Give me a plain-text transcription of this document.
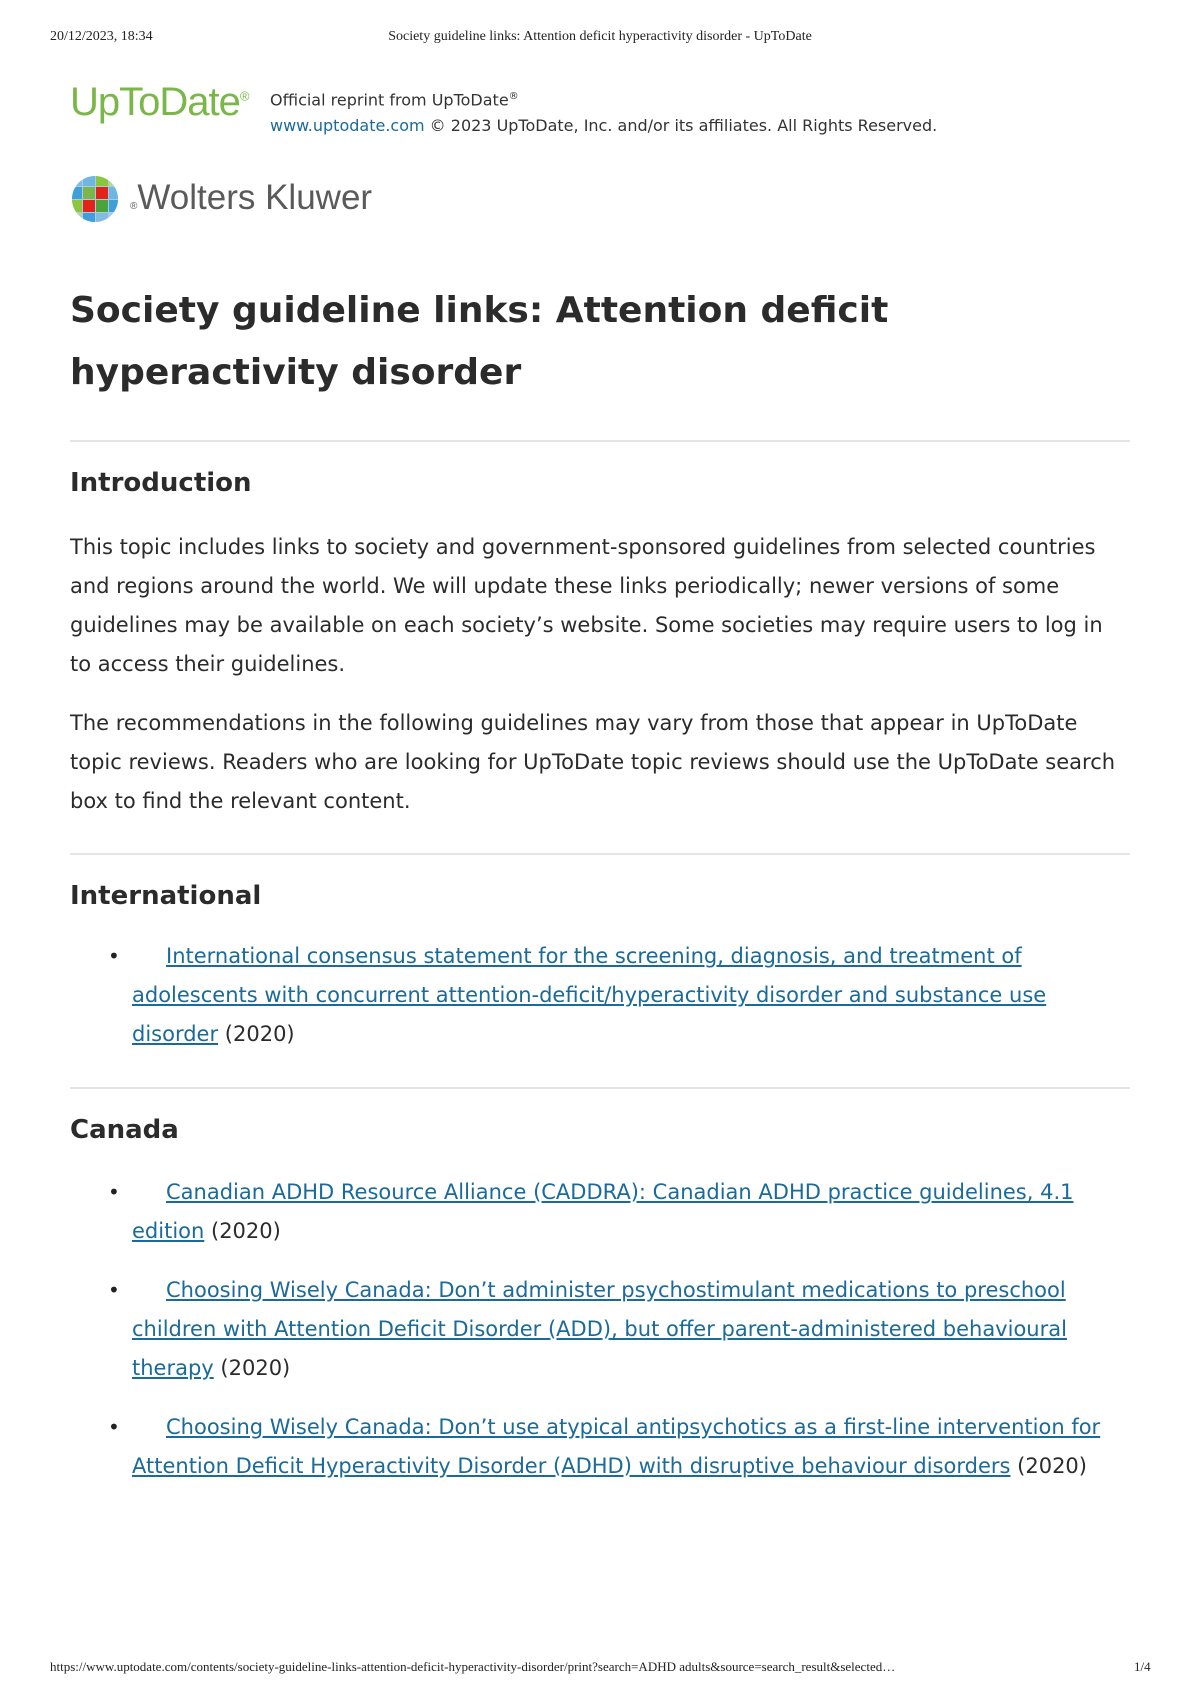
20/12/2023, 18:34	Society guideline links: Attention deficit hyperactivity disorder - UpToDate
UpToDate® Official reprint from UpToDate®
www.uptodate.com © 2023 UpToDate, Inc. and/or its affiliates. All Rights Reserved.
®Wolters Kluwer
Society guideline links: Attention deficit hyperactivity disorder
Introduction

This topic includes links to society and government-sponsored guidelines from selected countries and regions around the world. We will update these links periodically; newer versions of some guidelines may be available on each society’s website. Some societies may require users to log in to access their guidelines.

The recommendations in the following guidelines may vary from those that appear in UpToDate topic reviews. Readers who are looking for UpToDate topic reviews should use the UpToDate search box to find the relevant content.

International
• International consensus statement for the screening, diagnosis, and treatment of adolescents with concurrent attention-deficit/hyperactivity disorder and substance use disorder (2020)
Canada
• Canadian ADHD Resource Alliance (CADDRA): Canadian ADHD practice guidelines, 4.1 edition (2020)
• Choosing Wisely Canada: Don’t administer psychostimulant medications to preschool children with Attention Deficit Disorder (ADD), but offer parent-administered behavioural therapy (2020)
• Choosing Wisely Canada: Don’t use atypical antipsychotics as a first-line intervention for Attention Deficit Hyperactivity Disorder (ADHD) with disruptive behaviour disorders (2020)
https://www.uptodate.com/contents/society-guideline-links-attention-deficit-hyperactivity-disorder/print?search=ADHD adults&source=search_result&selected…	1/4
